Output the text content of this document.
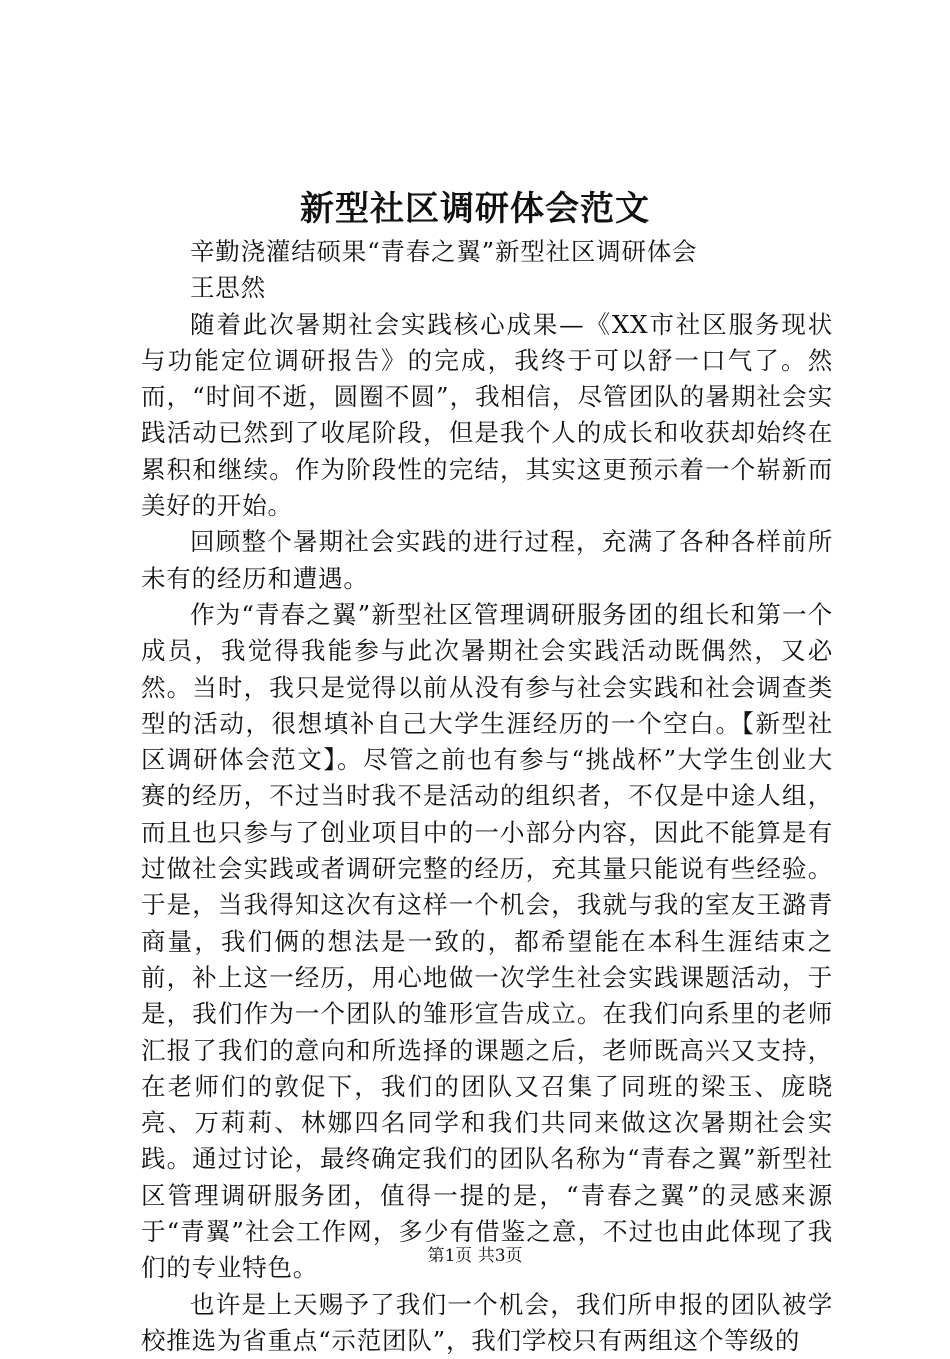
新型社区调研体会范文

辛勤浇灌结硕果“青春之翼”新型社区调研体会

王思然

随着此次暑期社会实践核心成果—《XX市社区服务现状与功能定位调研报告》的完成，我终于可以舒一口气了。然而，“时间不逝，圆圈不圆”，我相信，尽管团队的暑期社会实践活动已然到了收尾阶段，但是我个人的成长和收获却始终在累积和继续。作为阶段性的完结，其实这更预示着一个崭新而美好的开始。

回顾整个暑期社会实践的进行过程，充满了各种各样前所未有的经历和遭遇。

作为“青春之翼”新型社区管理调研服务团的组长和第一个成员，我觉得我能参与此次暑期社会实践活动既偶然，又必然。当时，我只是觉得以前从没有参与社会实践和社会调查类型的活动，很想填补自己大学生涯经历的一个空白。【新型社区调研体会范文】。尽管之前也有参与“挑战杯”大学生创业大赛的经历，不过当时我不是活动的组织者，不仅是中途人组，而且也只参与了创业项目中的一小部分内容，因此不能算是有过做社会实践或者调研完整的经历，充其量只能说有些经验。于是，当我得知这次有这样一个机会，我就与我的室友王潞青商量，我们俩的想法是一致的，都希望能在本科生涯结束之前，补上这一经历，用心地做一次学生社会实践课题活动，于是，我们作为一个团队的雏形宣告成立。在我们向系里的老师汇报了我们的意向和所选择的课题之后，老师既高兴又支持，在老师们的敦促下，我们的团队又召集了同班的梁玉、庞晓亮、万莉莉、林娜四名同学和我们共同来做这次暑期社会实践。通过讨论，最终确定我们的团队名称为“青春之翼”新型社区管理调研服务团，值得一提的是，“青春之翼”的灵感来源于“青翼”社会工作网，多少有借鉴之意，不过也由此体现了我们的专业特色。

也许是上天赐予了我们一个机会，我们所申报的团队被学校推选为省重点“示范团队”，我们学校只有两组这个等级的

第1页 共3页
